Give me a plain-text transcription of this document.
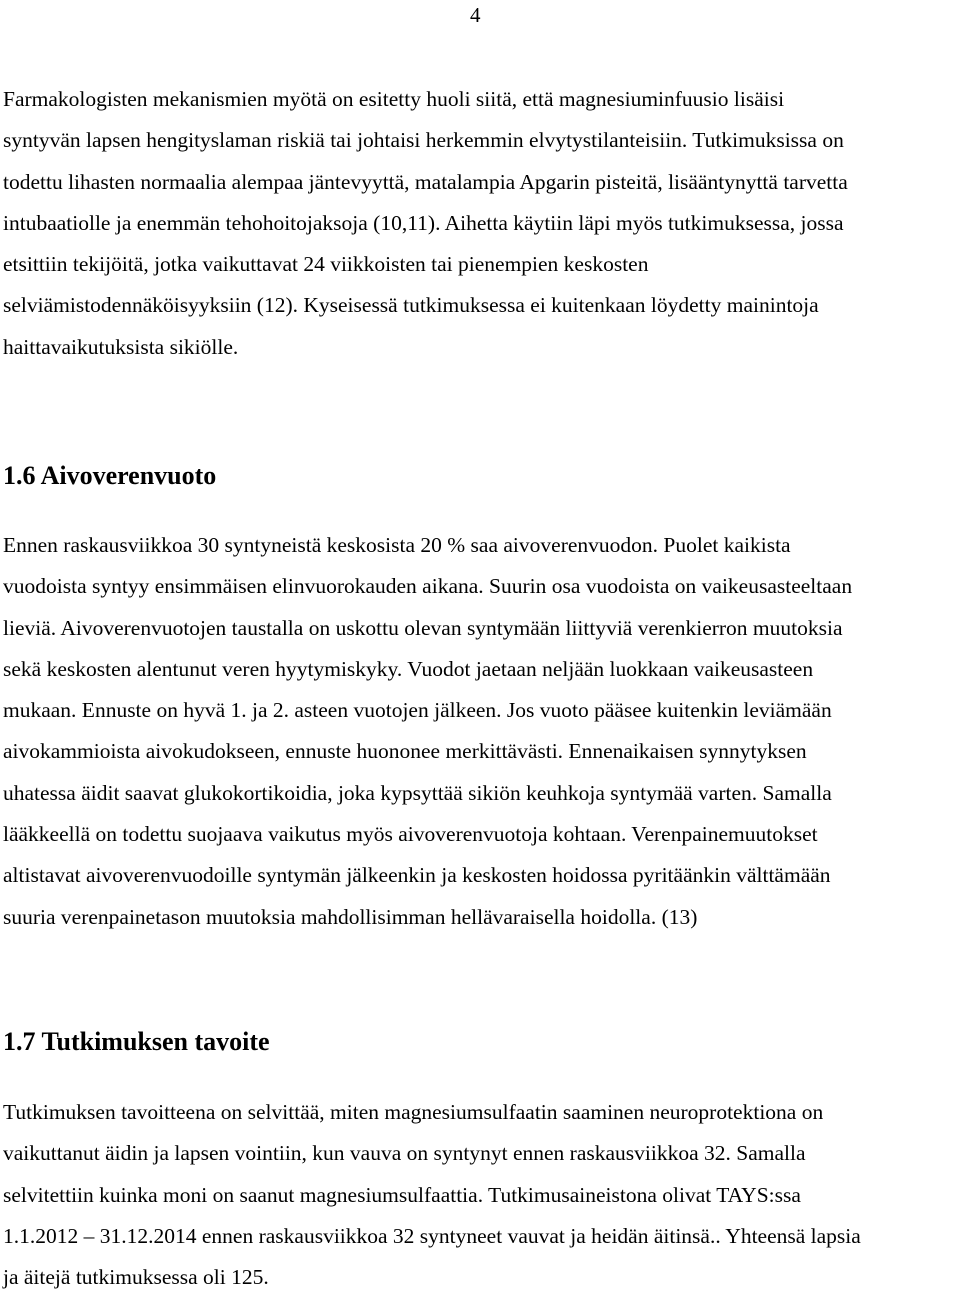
4

Farmakologisten mekanismien myötä on esitetty huoli siitä, että magnesiuminfuusio lisäisi
syntyvän lapsen hengityslaman riskiä tai johtaisi herkemmin elvytystilanteisiin. Tutkimuksissa on
todettu lihasten normaalia alempaa jäntevyyttä, matalampia Apgarin pisteitä, lisääntynyttä tarvetta
intubaatiolle ja enemmän tehohoitojaksoja (10,11). Aihetta käytiin läpi myös tutkimuksessa, jossa
etsittiin tekijöitä, jotka vaikuttavat 24 viikkoisten tai pienempien keskosten
selviämistodennäköisyyksiin (12). Kyseisessä tutkimuksessa ei kuitenkaan löydetty mainintoja
haittavaikutuksista sikiölle.

1.6 Aivoverenvuoto

Ennen raskausviikkoa 30 syntyneistä keskosista 20 % saa aivoverenvuodon. Puolet kaikista
vuodoista syntyy ensimmäisen elinvuorokauden aikana. Suurin osa vuodoista on vaikeusasteeltaan
lieviä. Aivoverenvuotojen taustalla on uskottu olevan syntymään liittyviä verenkierron muutoksia
sekä keskosten alentunut veren hyytymiskyky. Vuodot jaetaan neljään luokkaan vaikeusasteen
mukaan. Ennuste on hyvä 1. ja 2. asteen vuotojen jälkeen. Jos vuoto pääsee kuitenkin leviämään
aivokammioista aivokudokseen, ennuste huononee merkittävästi. Ennenaikaisen synnytyksen
uhatessa äidit saavat glukokortikoidia, joka kypsyttää sikiön keuhkoja syntymää varten. Samalla
lääkkeellä on todettu suojaava vaikutus myös aivoverenvuotoja kohtaan. Verenpainemuutokset
altistavat aivoverenvuodoille syntymän jälkeenkin ja keskosten hoidossa pyritäänkin välttämään
suuria verenpainetason muutoksia mahdollisimman hellävaraisella hoidolla. (13)

1.7 Tutkimuksen tavoite

Tutkimuksen tavoitteena on selvittää, miten magnesiumsulfaatin saaminen neuroprotektiona on
vaikuttanut äidin ja lapsen vointiin, kun vauva on syntynyt ennen raskausviikkoa 32. Samalla
selvitettiin kuinka moni on saanut magnesiumsulfaattia. Tutkimusaineistona olivat TAYS:ssa
1.1.2012 – 31.12.2014 ennen raskausviikkoa 32 syntyneet vauvat ja heidän äitinsä.. Yhteensä lapsia
ja äitejä tutkimuksessa oli 125.
